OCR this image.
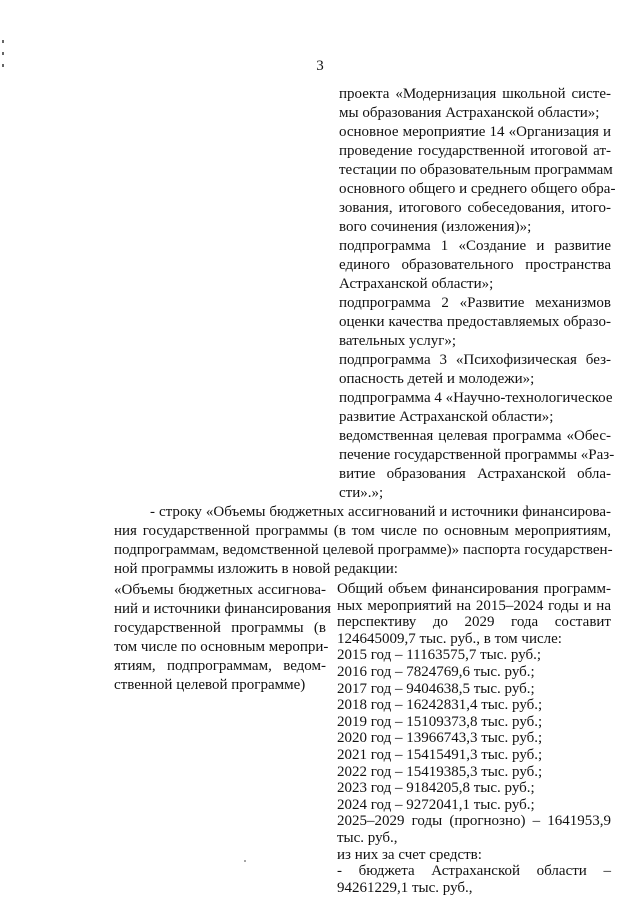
3
проекта «Модернизация школьной систе-
мы образования Астраханской области»;
основное мероприятие 14 «Организация и
проведение государственной итоговой ат-
тестации по образовательным программам
основного общего и среднего общего обра-
зования, итогового собеседования, итого-
вого сочинения (изложения)»;
подпрограмма 1 «Создание и развитие
единого образовательного пространства
Астраханской области»;
подпрограмма 2 «Развитие механизмов
оценки качества предоставляемых образо-
вательных услуг»;
подпрограмма 3 «Психофизическая без-
опасность детей и молодежи»;
подпрограмма 4 «Научно-технологическое
развитие Астраханской области»;
ведомственная целевая программа «Обес-
печение государственной программы «Раз-
витие образования Астраханской обла-
сти».»;
- строку «Объемы бюджетных ассигнований и источники финансирова-
ния государственной программы (в том числе по основным мероприятиям,
подпрограммам, ведомственной целевой программе)» паспорта государствен-
ной программы изложить в новой редакции:
«Объемы бюджетных ассигнова-
ний и источники финансирования
государственной программы (в
том числе по основным меропри-
ятиям, подпрограммам, ведом-
ственной целевой программе)
Общий объем финансирования программ-
ных мероприятий на 2015–2024 годы и на
перспективу до 2029 года составит
124645009,7 тыс. руб., в том числе:
2015 год – 11163575,7 тыс. руб.;
2016 год – 7824769,6 тыс. руб.;
2017 год – 9404638,5 тыс. руб.;
2018 год – 16242831,4 тыс. руб.;
2019 год – 15109373,8 тыс. руб.;
2020 год – 13966743,3 тыс. руб.;
2021 год – 15415491,3 тыс. руб.;
2022 год – 15419385,3 тыс. руб.;
2023 год – 9184205,8 тыс. руб.;
2024 год – 9272041,1 тыс. руб.;
2025–2029 годы (прогнозно) – 1641953,9
тыс. руб.,
из них за счет средств:
- бюджета Астраханской области –
94261229,1 тыс. руб.,
